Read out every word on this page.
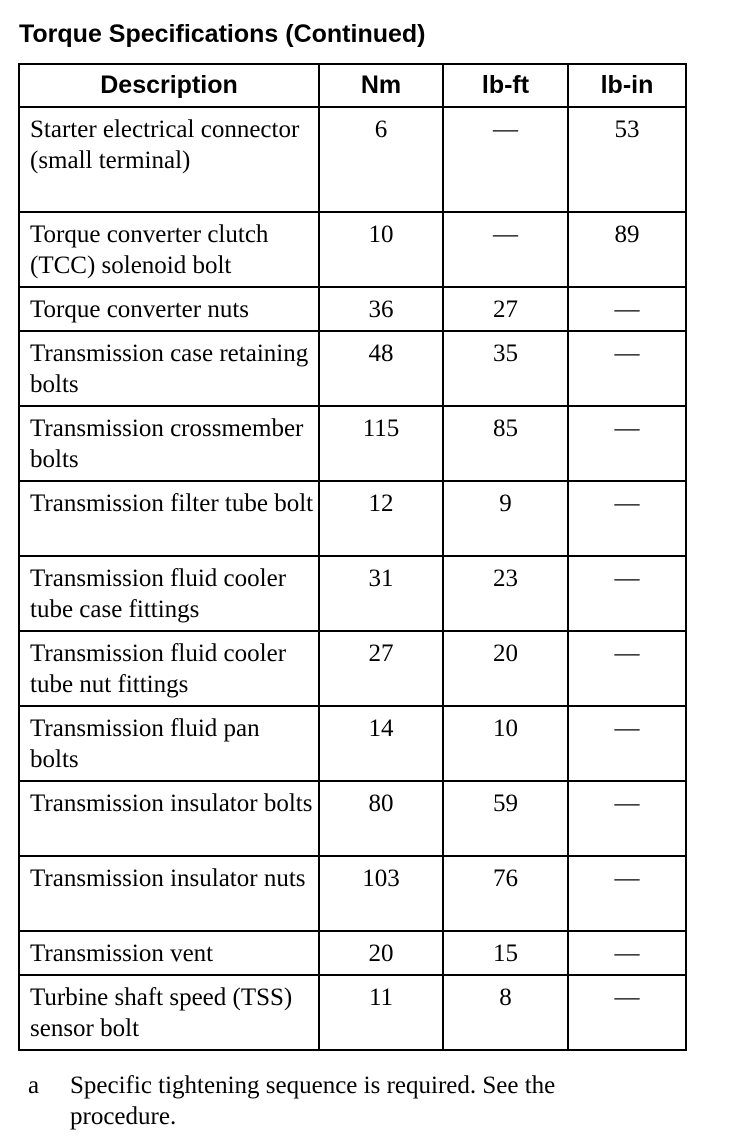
Torque Specifications (Continued)
Description	Nm	lb-ft	lb-in
Starter electrical connector (small terminal)	6	—	53
Torque converter clutch (TCC) solenoid bolt	10	—	89
Torque converter nuts	36	27	—
Transmission case retaining bolts	48	35	—
Transmission crossmember bolts	115	85	—
Transmission filter tube bolt	12	9	—
Transmission fluid cooler tube case fittings	31	23	—
Transmission fluid cooler tube nut fittings	27	20	—
Transmission fluid pan bolts	14	10	—
Transmission insulator bolts	80	59	—
Transmission insulator nuts	103	76	—
Transmission vent	20	15	—
Turbine shaft speed (TSS) sensor bolt	11	8	—
a Specific tightening sequence is required. See the procedure.
